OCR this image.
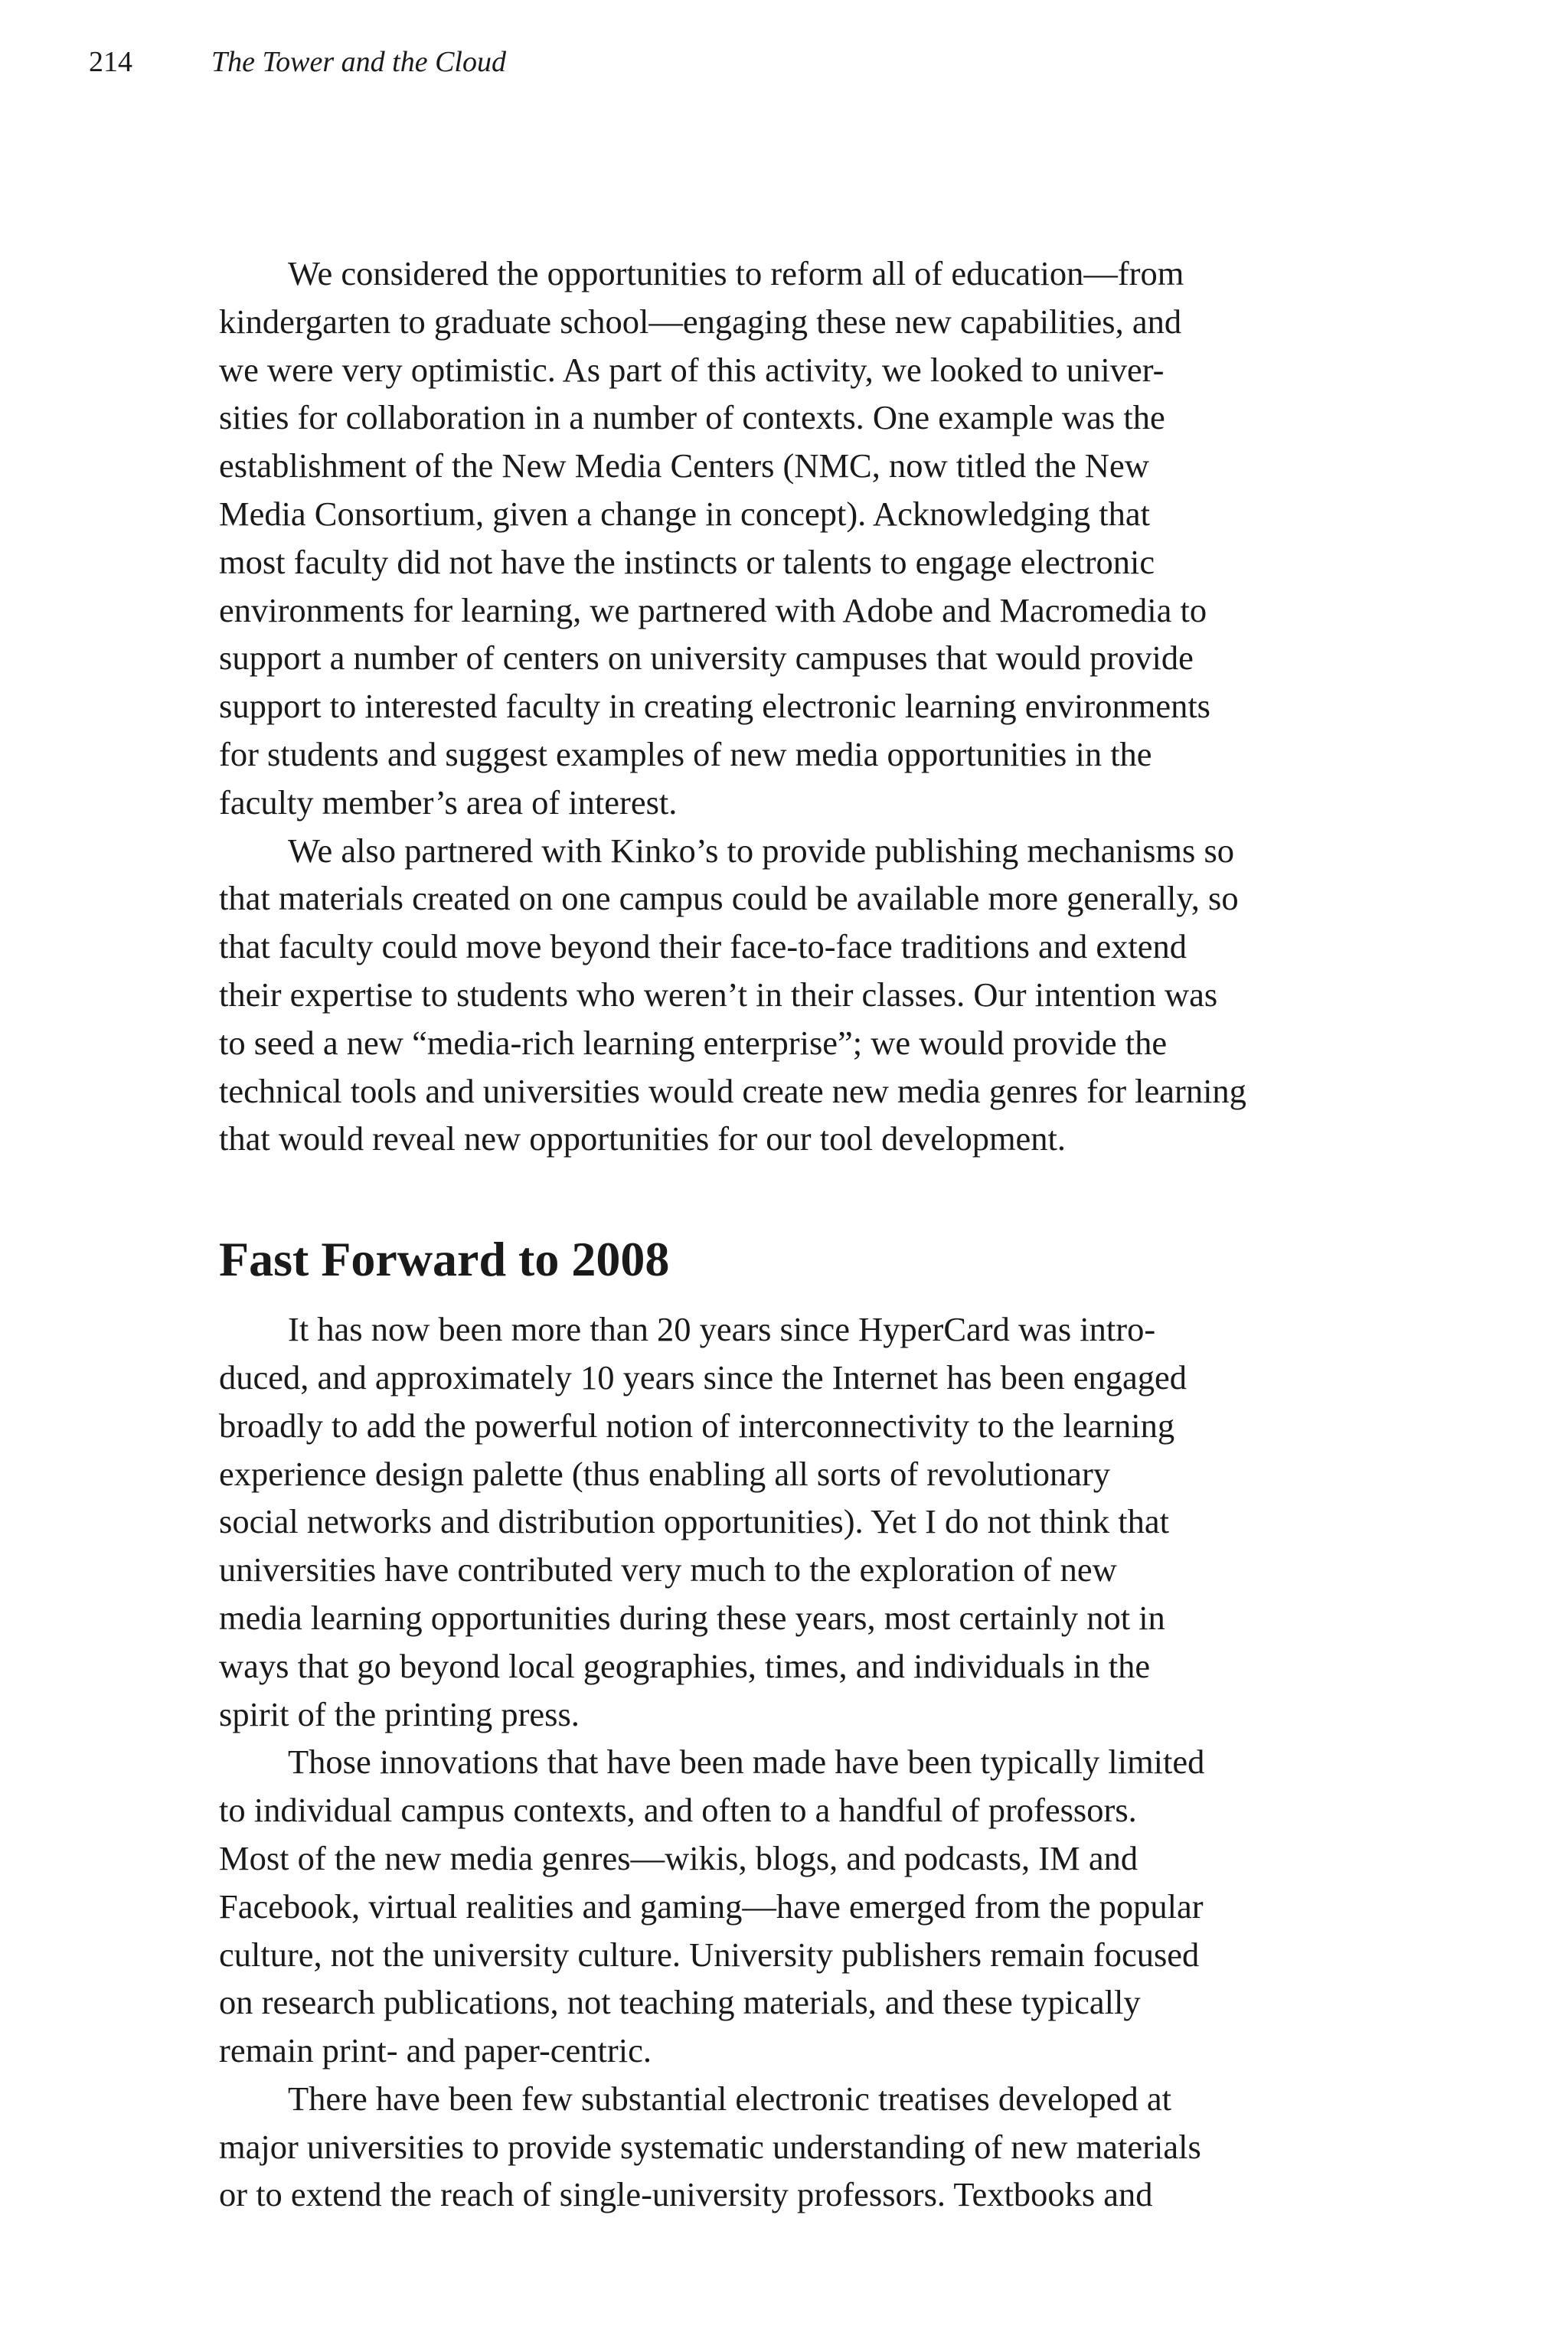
214	The Tower and the Cloud
We considered the opportunities to reform all of education—from
kindergarten to graduate school—engaging these new capabilities, and
we were very optimistic. As part of this activity, we looked to univer-
sities for collaboration in a number of contexts. One example was the
establishment of the New Media Centers (NMC, now titled the New
Media Consortium, given a change in concept). Acknowledging that
most faculty did not have the instincts or talents to engage electronic
environments for learning, we partnered with Adobe and Macromedia to
support a number of centers on university campuses that would provide
support to interested faculty in creating electronic learning environments
for students and suggest examples of new media opportunities in the
faculty member’s area of interest.
We also partnered with Kinko’s to provide publishing mechanisms so
that materials created on one campus could be available more generally, so
that faculty could move beyond their face-to-face traditions and extend
their expertise to students who weren’t in their classes. Our intention was
to seed a new “media-rich learning enterprise”; we would provide the
technical tools and universities would create new media genres for learning
that would reveal new opportunities for our tool development.
Fast Forward to 2008
It has now been more than 20 years since HyperCard was intro-
duced, and approximately 10 years since the Internet has been engaged
broadly to add the powerful notion of interconnectivity to the learning
experience design palette (thus enabling all sorts of revolutionary
social networks and distribution opportunities). Yet I do not think that
universities have contributed very much to the exploration of new
media learning opportunities during these years, most certainly not in
ways that go beyond local geographies, times, and individuals in the
spirit of the printing press.
Those innovations that have been made have been typically limited
to individual campus contexts, and often to a handful of professors.
Most of the new media genres—wikis, blogs, and podcasts, IM and
Facebook, virtual realities and gaming—have emerged from the popular
culture, not the university culture. University publishers remain focused
on research publications, not teaching materials, and these typically
remain print- and paper-centric.
There have been few substantial electronic treatises developed at
major universities to provide systematic understanding of new materials
or to extend the reach of single-university professors. Textbooks and
